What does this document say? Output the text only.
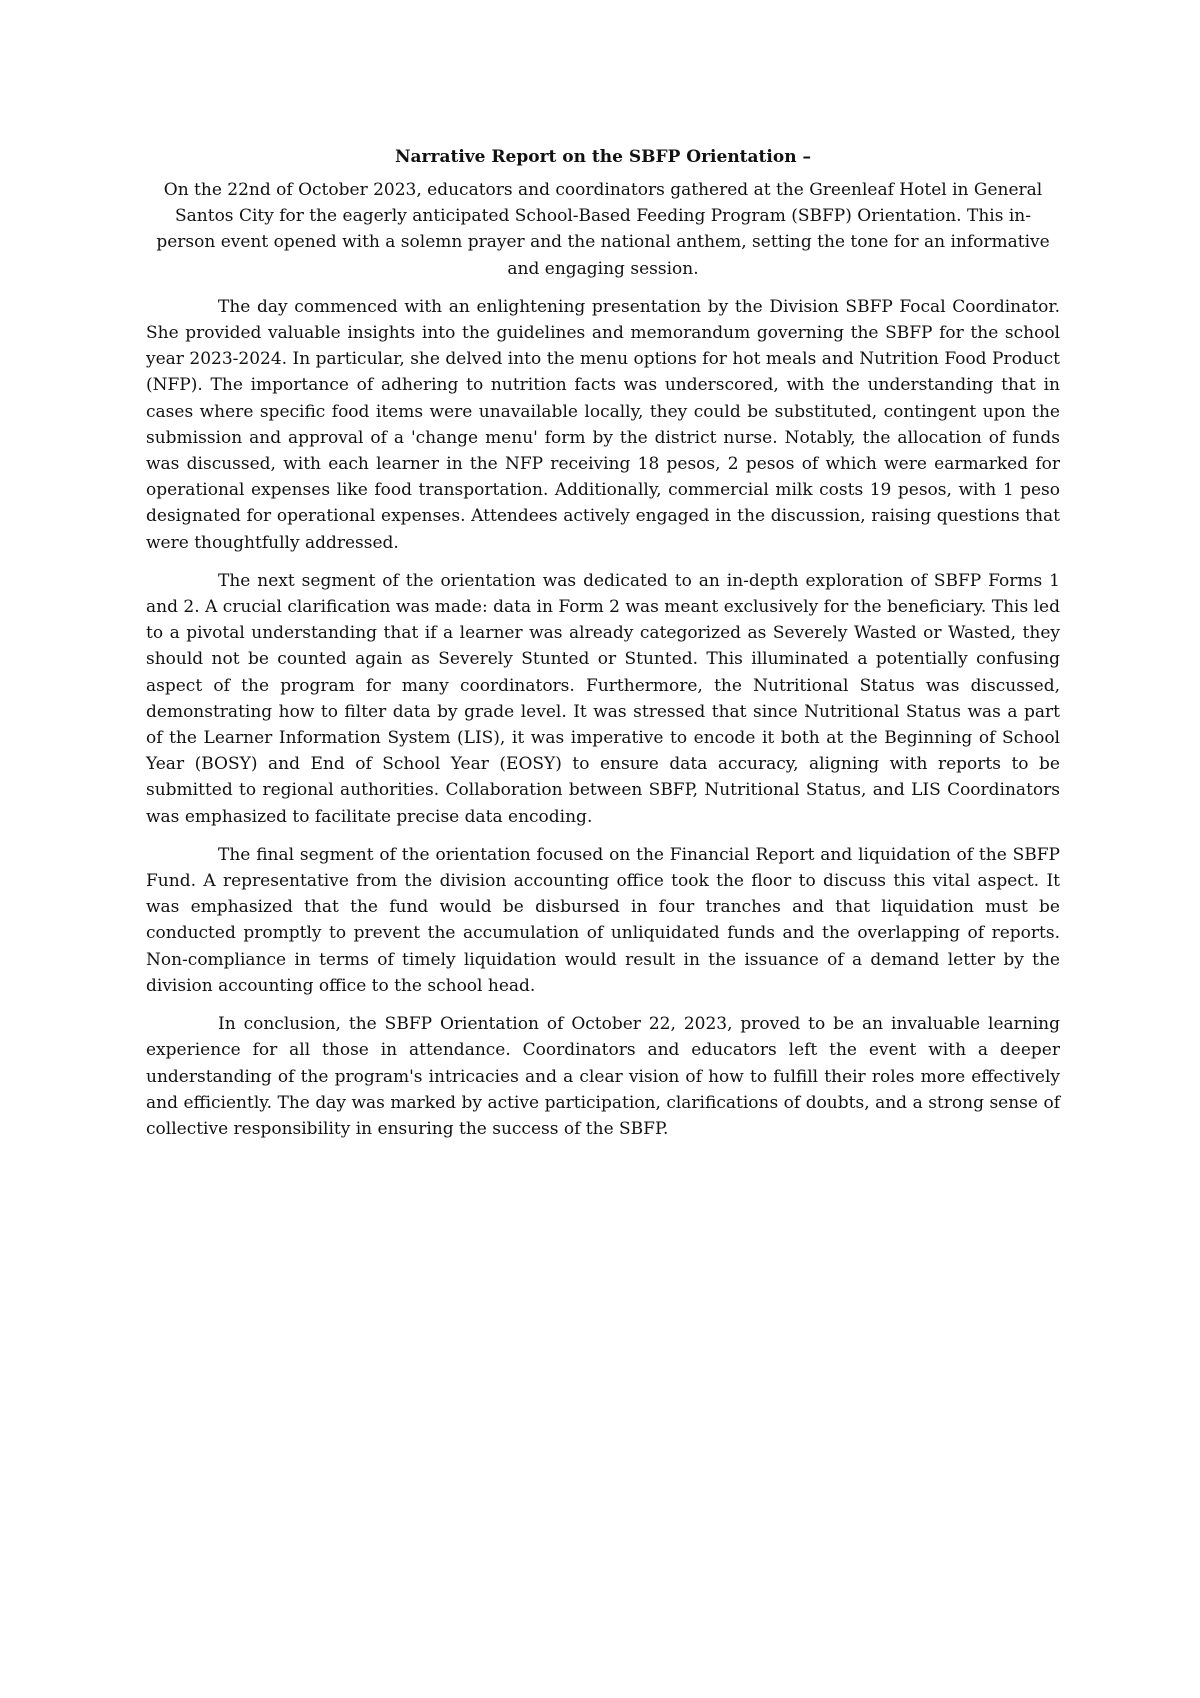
Narrative Report on the SBFP Orientation –

On the 22nd of October 2023, educators and coordinators gathered at the Greenleaf Hotel in General Santos City for the eagerly anticipated School-Based Feeding Program (SBFP) Orientation. This in-person event opened with a solemn prayer and the national anthem, setting the tone for an informative and engaging session.

The day commenced with an enlightening presentation by the Division SBFP Focal Coordinator. She provided valuable insights into the guidelines and memorandum governing the SBFP for the school year 2023-2024. In particular, she delved into the menu options for hot meals and Nutrition Food Product (NFP). The importance of adhering to nutrition facts was underscored, with the understanding that in cases where specific food items were unavailable locally, they could be substituted, contingent upon the submission and approval of a 'change menu' form by the district nurse. Notably, the allocation of funds was discussed, with each learner in the NFP receiving 18 pesos, 2 pesos of which were earmarked for operational expenses like food transportation. Additionally, commercial milk costs 19 pesos, with 1 peso designated for operational expenses. Attendees actively engaged in the discussion, raising questions that were thoughtfully addressed.

The next segment of the orientation was dedicated to an in-depth exploration of SBFP Forms 1 and 2. A crucial clarification was made: data in Form 2 was meant exclusively for the beneficiary. This led to a pivotal understanding that if a learner was already categorized as Severely Wasted or Wasted, they should not be counted again as Severely Stunted or Stunted. This illuminated a potentially confusing aspect of the program for many coordinators. Furthermore, the Nutritional Status was discussed, demonstrating how to filter data by grade level. It was stressed that since Nutritional Status was a part of the Learner Information System (LIS), it was imperative to encode it both at the Beginning of School Year (BOSY) and End of School Year (EOSY) to ensure data accuracy, aligning with reports to be submitted to regional authorities. Collaboration between SBFP, Nutritional Status, and LIS Coordinators was emphasized to facilitate precise data encoding.

The final segment of the orientation focused on the Financial Report and liquidation of the SBFP Fund. A representative from the division accounting office took the floor to discuss this vital aspect. It was emphasized that the fund would be disbursed in four tranches and that liquidation must be conducted promptly to prevent the accumulation of unliquidated funds and the overlapping of reports. Non-compliance in terms of timely liquidation would result in the issuance of a demand letter by the division accounting office to the school head.

In conclusion, the SBFP Orientation of October 22, 2023, proved to be an invaluable learning experience for all those in attendance. Coordinators and educators left the event with a deeper understanding of the program's intricacies and a clear vision of how to fulfill their roles more effectively and efficiently. The day was marked by active participation, clarifications of doubts, and a strong sense of collective responsibility in ensuring the success of the SBFP.
